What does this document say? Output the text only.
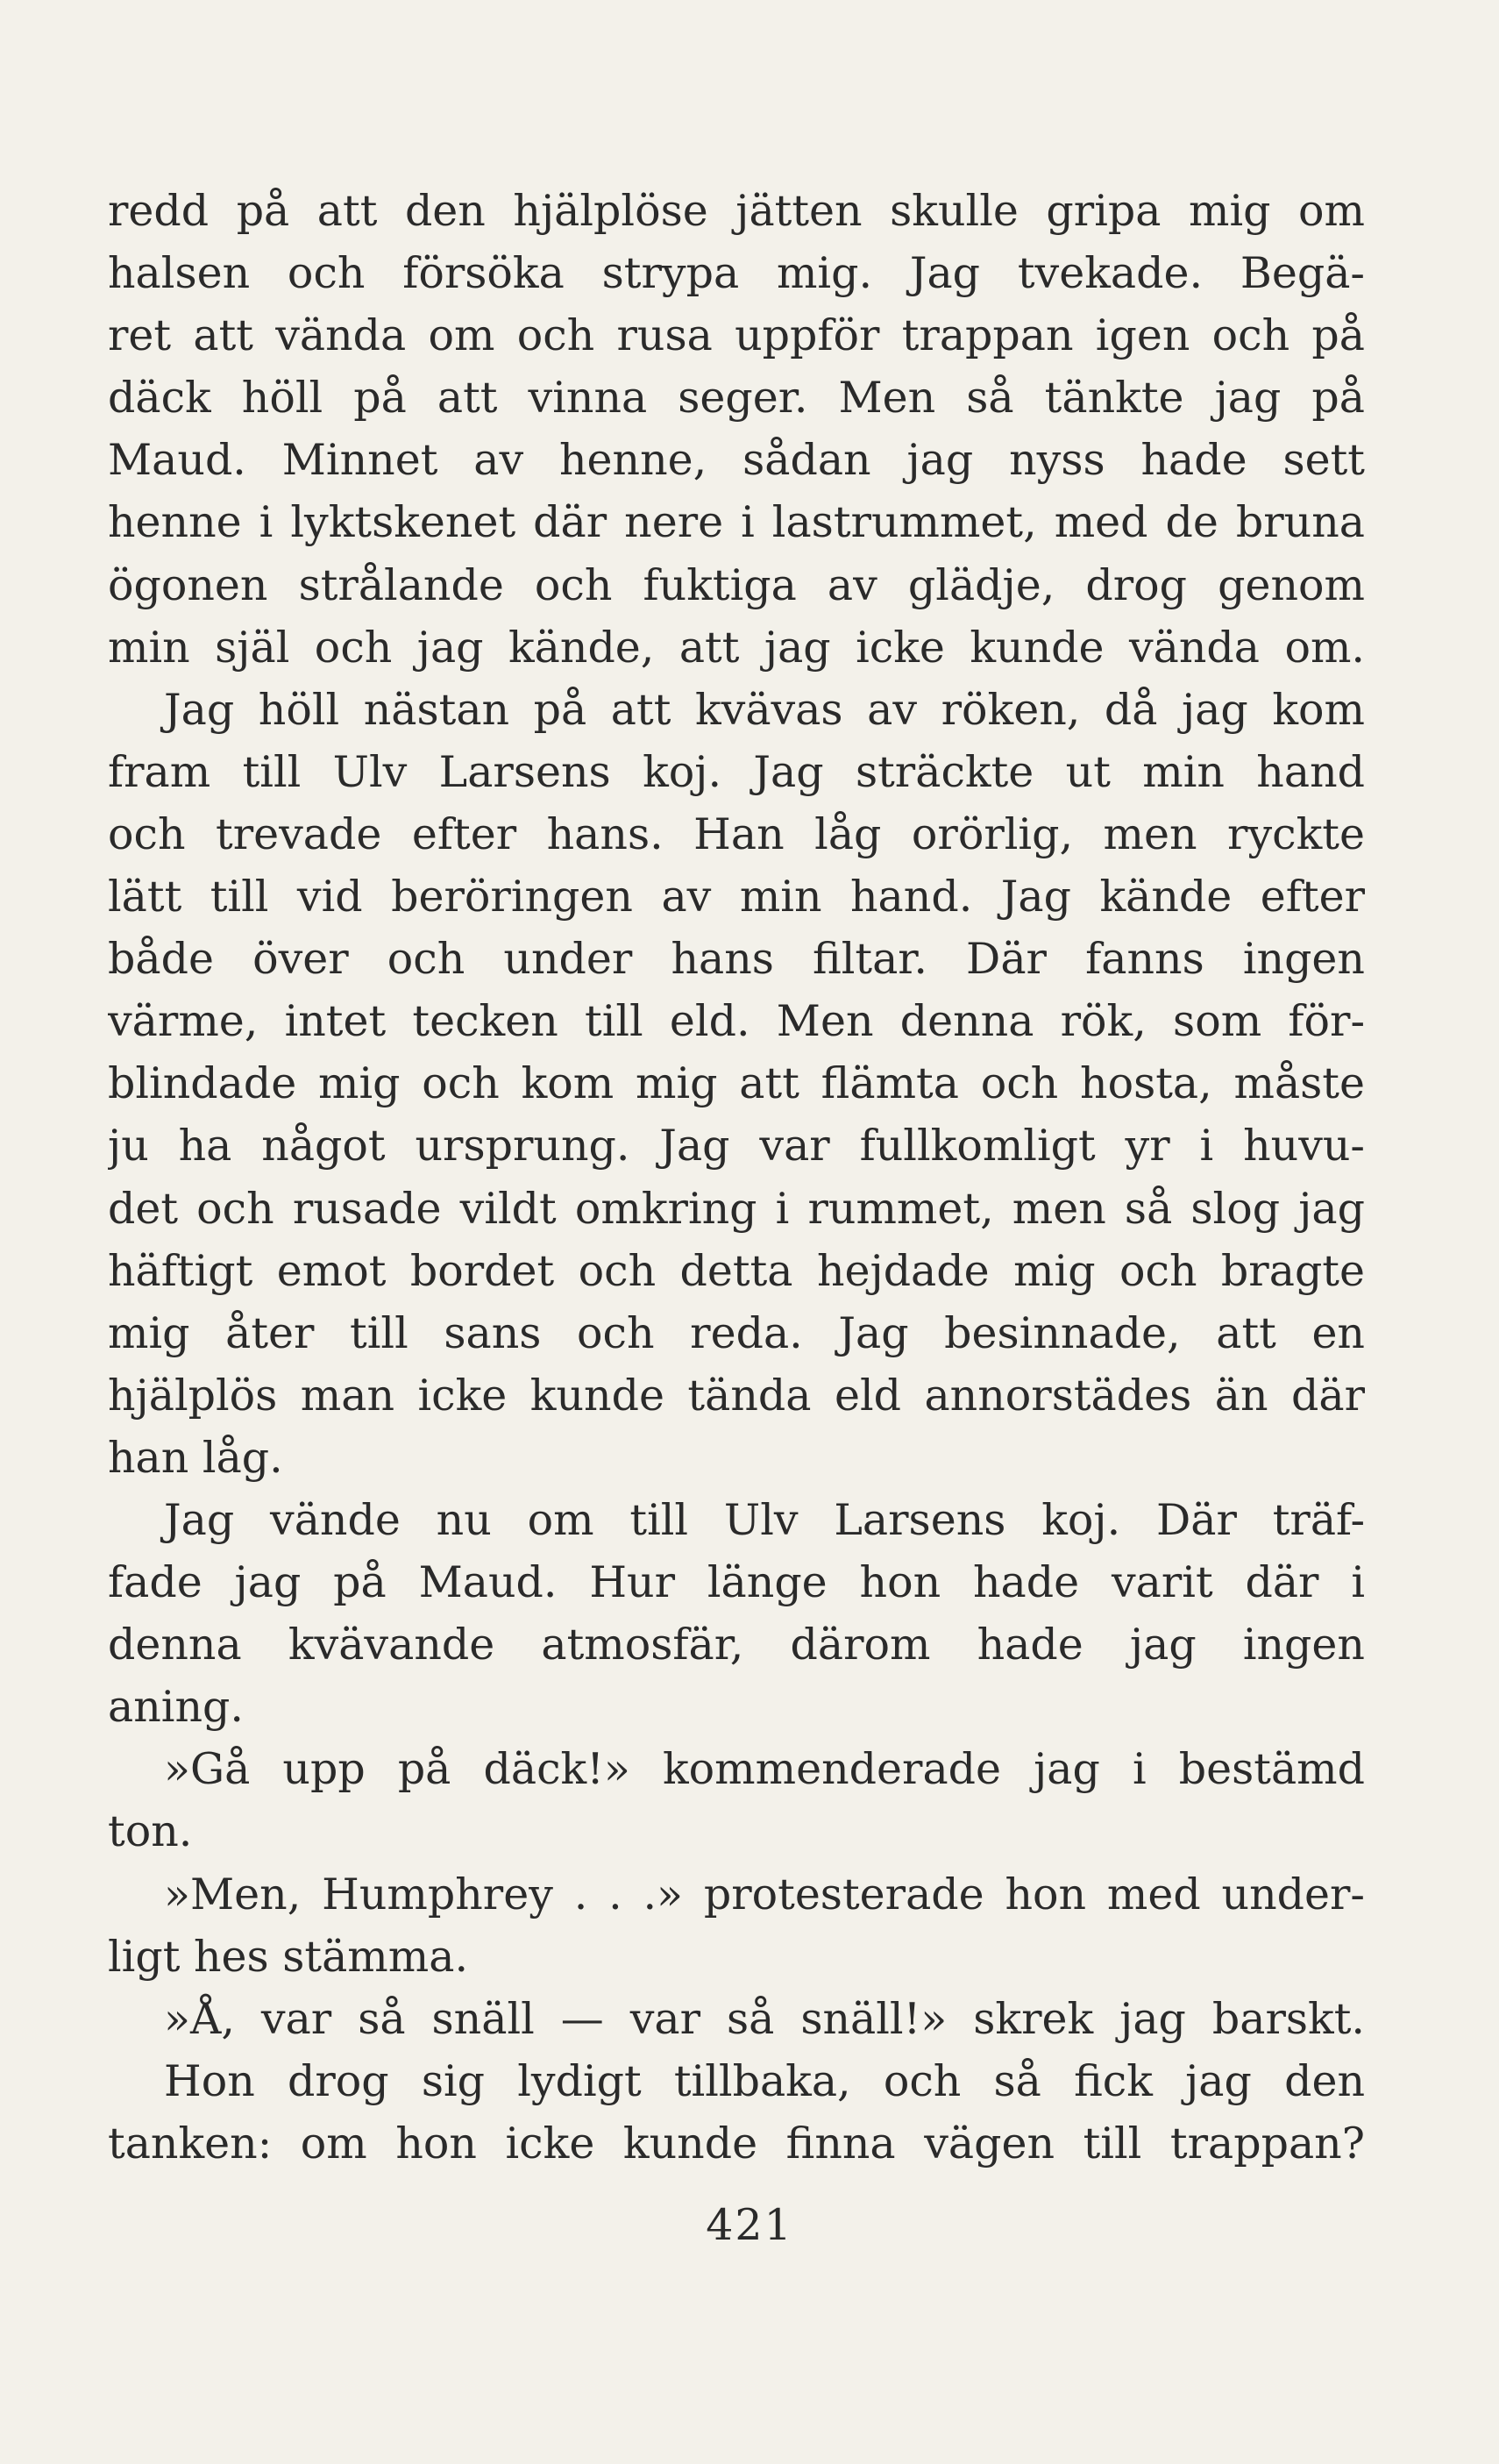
redd på att den hjälplöse jätten skulle gripa mig om
halsen och försöka strypa mig. Jag tvekade. Begä-
ret att vända om och rusa uppför trappan igen och på
däck höll på att vinna seger. Men så tänkte jag på
Maud. Minnet av henne, sådan jag nyss hade sett
henne i lyktskenet där nere i lastrummet, med de bruna
ögonen strålande och fuktiga av glädje, drog genom
min själ och jag kände, att jag icke kunde vända om.
Jag höll nästan på att kvävas av röken, då jag kom
fram till Ulv Larsens koj. Jag sträckte ut min hand
och trevade efter hans. Han låg orörlig, men ryckte
lätt till vid beröringen av min hand. Jag kände efter
både över och under hans filtar. Där fanns ingen
värme, intet tecken till eld. Men denna rök, som för-
blindade mig och kom mig att flämta och hosta, måste
ju ha något ursprung. Jag var fullkomligt yr i huvu-
det och rusade vildt omkring i rummet, men så slog jag
häftigt emot bordet och detta hejdade mig och bragte
mig åter till sans och reda. Jag besinnade, att en
hjälplös man icke kunde tända eld annorstädes än där
han låg.
Jag vände nu om till Ulv Larsens koj. Där träf-
fade jag på Maud. Hur länge hon hade varit där i
denna kvävande atmosfär, därom hade jag ingen
aning.
»Gå upp på däck!» kommenderade jag i bestämd
ton.
»Men, Humphrey . . .» protesterade hon med under-
ligt hes stämma.
»Å, var så snäll — var så snäll!» skrek jag barskt.
Hon drog sig lydigt tillbaka, och så fick jag den
tanken: om hon icke kunde finna vägen till trappan?
421
